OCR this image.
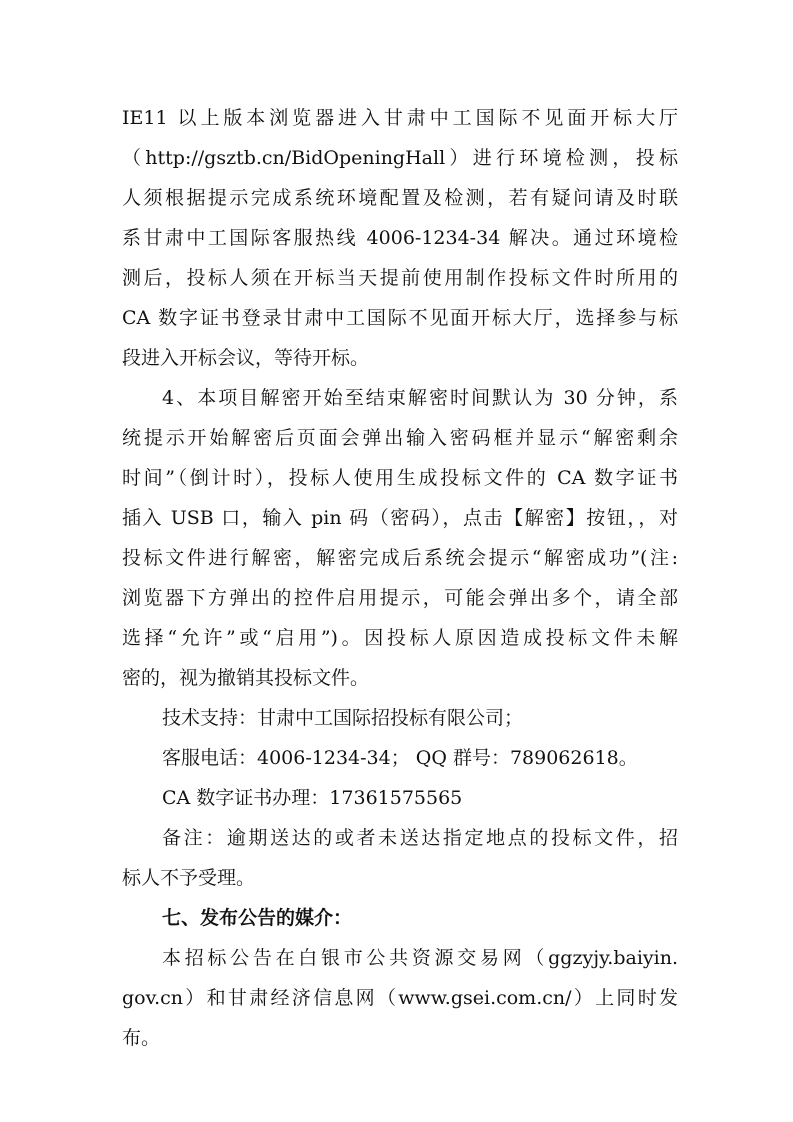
IE11 以上版本浏览器进入甘肃中工国际不见面开标大厅
（http://gsztb.cn/BidOpeningHall）进行环境检测，投标
人须根据提示完成系统环境配置及检测，若有疑问请及时联
系甘肃中工国际客服热线 4006-1234-34 解决。通过环境检
测后，投标人须在开标当天提前使用制作投标文件时所用的
CA 数字证书登录甘肃中工国际不见面开标大厅，选择参与标
段进入开标会议，等待开标。
4、本项目解密开始至结束解密时间默认为 30 分钟，系
统提示开始解密后页面会弹出输入密码框并显示“解密剩余
时间”（倒计时），投标人使用生成投标文件的 CA 数字证书
插入 USB 口，输入 pin 码（密码），点击【解密】按钮，，对
投标文件进行解密，解密完成后系统会提示“解密成功”(注:
浏览器下方弹出的控件启用提示，可能会弹出多个，请全部
选择“允许”或“启用”)。因投标人原因造成投标文件未解
密的，视为撤销其投标文件。
技术支持：甘肃中工国际招投标有限公司；
客服电话：4006-1234-34； QQ 群号：789062618。
CA 数字证书办理：17361575565
备注：逾期送达的或者未送达指定地点的投标文件，招
标人不予受理。
七、发布公告的媒介：
本招标公告在白银市公共资源交易网（ggzyjy.baiyin.
gov.cn）和甘肃经济信息网（www.gsei.com.cn/）上同时发
布。
